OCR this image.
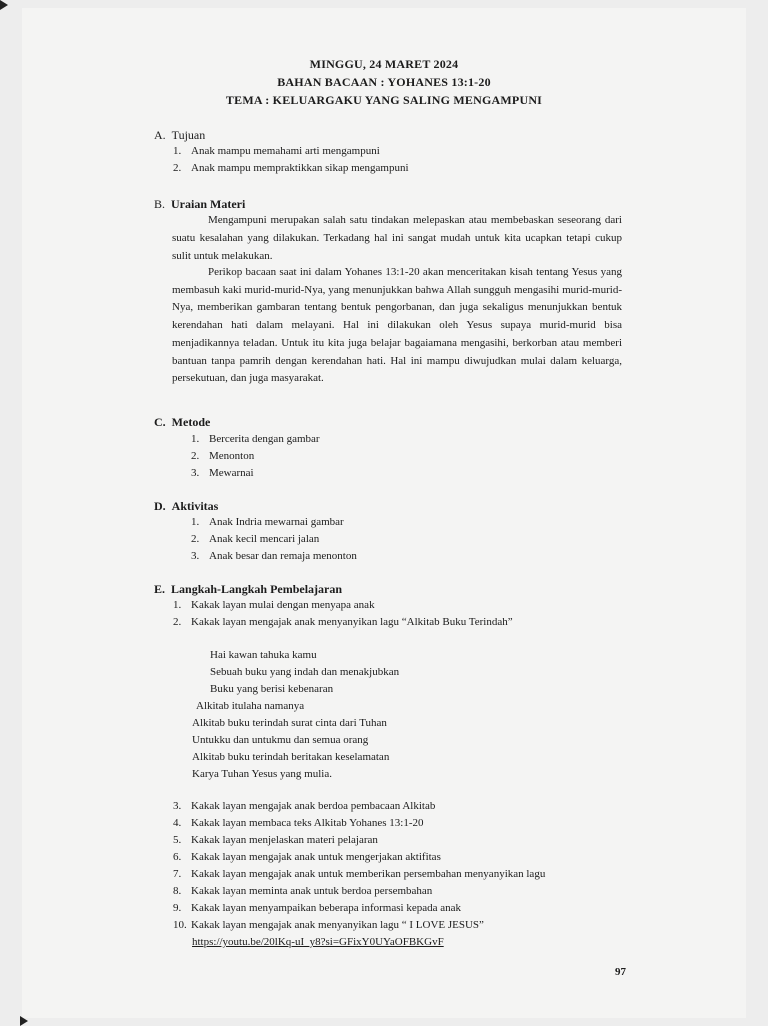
MINGGU, 24 MARET 2024
BAHAN BACAAN : YOHANES 13:1-20
TEMA : KELUARGAKU YANG SALING MENGAMPUNI
A. Tujuan
1. Anak mampu memahami arti mengampuni
2. Anak mampu mempraktikkan sikap mengampuni
B. Uraian Materi
Mengampuni merupakan salah satu tindakan melepaskan atau membebaskan seseorang dari suatu kesalahan yang dilakukan. Terkadang hal ini sangat mudah untuk kita ucapkan tetapi cukup sulit untuk melakukan.
Perikop bacaan saat ini dalam Yohanes 13:1-20 akan menceritakan kisah tentang Yesus yang membasuh kaki murid-murid-Nya, yang menunjukkan bahwa Allah sungguh mengasihi murid-murid-Nya, memberikan gambaran tentang bentuk pengorbanan, dan juga sekaligus menunjukkan bentuk kerendahan hati dalam melayani. Hal ini dilakukan oleh Yesus supaya murid-murid bisa menjadikannya teladan. Untuk itu kita juga belajar bagaiamana mengasihi, berkorban atau memberi bantuan tanpa pamrih dengan kerendahan hati. Hal ini mampu diwujudkan mulai dalam keluarga, persekutuan, dan juga masyarakat.
C. Metode
1. Bercerita dengan gambar
2. Menonton
3. Mewarnai
D. Aktivitas
1. Anak Indria mewarnai gambar
2. Anak kecil mencari jalan
3. Anak besar dan remaja menonton
E. Langkah-Langkah Pembelajaran
1. Kakak layan mulai dengan menyapa anak
2. Kakak layan mengajak anak menyanyikan lagu “Alkitab Buku Terindah”
Hai kawan tahuka kamu
Sebuah buku yang indah dan menakjubkan
Buku yang berisi kebenaran
Alkitab itulaha namanya
Alkitab buku terindah surat cinta dari Tuhan
Untukku dan untukmu dan semua orang
Alkitab buku terindah beritakan keselamatan
Karya Tuhan Yesus yang mulia.
3. Kakak layan mengajak anak berdoa pembacaan Alkitab
4. Kakak layan membaca teks Alkitab Yohanes 13:1-20
5. Kakak layan menjelaskan materi pelajaran
6. Kakak layan mengajak anak untuk mengerjakan aktifitas
7. Kakak layan mengajak anak untuk memberikan persembahan menyanyikan lagu
8. Kakak layan meminta anak untuk berdoa persembahan
9. Kakak layan menyampaikan beberapa informasi kepada anak
10. Kakak layan mengajak anak menyanyikan lagu “ I LOVE JESUS”
https://youtu.be/20lKq-uI_y8?si=GFixY0UYaOFBKGvF
97
